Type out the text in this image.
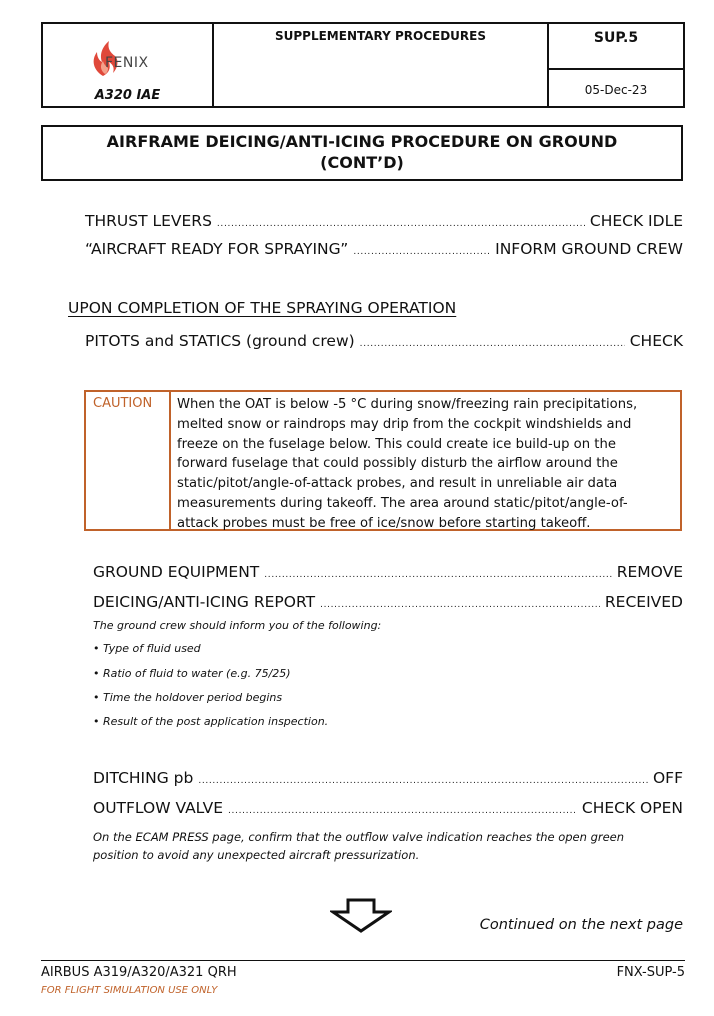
FENIX
A320 IAE
SUPPLEMENTARY PROCEDURES	SUP.5
05-Dec-23
AIRFRAME DEICING/ANTI-ICING PROCEDURE ON GROUND
(CONT’D)
THRUST LEVERS . . .	CHECK IDLE
“AIRCRAFT READY FOR SPRAYING” . . .	INFORM GROUND CREW
UPON COMPLETION OF THE SPRAYING OPERATION
PITOTS and STATICS (ground crew) . . .	CHECK
CAUTION	When the OAT is below -5 °C during snow/freezing rain precipitations, melted snow or raindrops may drip from the cockpit windshields and freeze on the fuselage below. This could create ice build-up on the forward fuselage that could possibly disturb the airflow around the static/pitot/angle-of-attack probes, and result in unreliable air data measurements during takeoff. The area around static/pitot/angle-of-attack probes must be free of ice/snow before starting takeoff.
GROUND EQUIPMENT . . .	REMOVE
DEICING/ANTI-ICING REPORT . . .	RECEIVED
The ground crew should inform you of the following:
• Type of fluid used
• Ratio of fluid to water (e.g. 75/25)
• Time the holdover period begins
• Result of the post application inspection.
DITCHING pb . . .	OFF
OUTFLOW VALVE . . .	CHECK OPEN
On the ECAM PRESS page, confirm that the outflow valve indication reaches the open green position to avoid any unexpected aircraft pressurization.
Continued on the next page
AIRBUS A319/A320/A321 QRH	FNX-SUP-5
FOR FLIGHT SIMULATION USE ONLY
